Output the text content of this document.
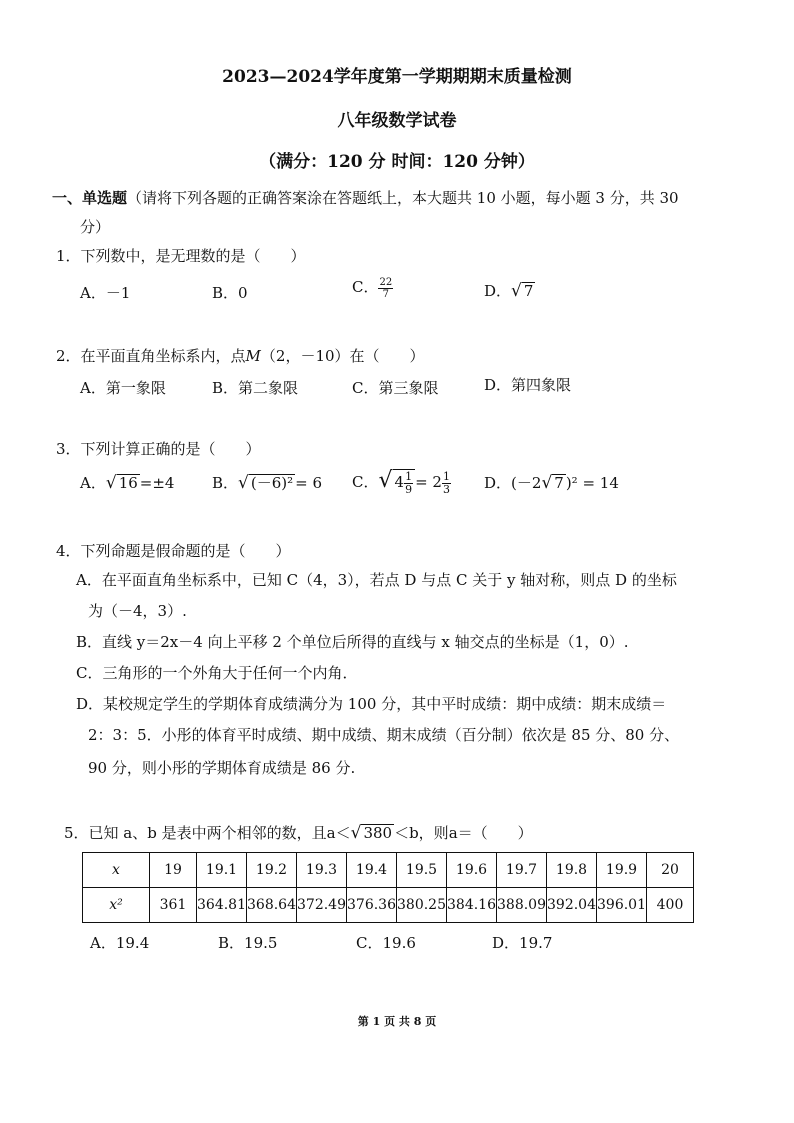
2023—2024学年度第一学期期期末质量检测
八年级数学试卷
（满分：120 分 时间：120 分钟）
一、单选题（请将下列各题的正确答案涂在答题纸上，本大题共 10 小题，每小题 3 分，共 30
分）
1．下列数中，是无理数的是（　　）
A．－1	B．0	C． $\frac{22}{7}$	D．√ 7
2．在平面直角坐标系内，点M（2，－10）在（　　）
A．第一象限	B．第二象限	C．第三象限	D．第四象限
3．下列计算正确的是（　　）
A．√ 16 =±4	B．√ (－6)² = 6 C．√ $4 \frac{1}{9} = 2 \frac{1}{3}$ D．(－2√ 7 )² = 14
4．下列命题是假命题的是（　　）
A．在平面直角坐标系中，已知 C（4，3），若点 D 与点 C 关于 y 轴对称，则点 D 的坐标
为（－4，3）.
B．直线 y＝2x－4 向上平移 2 个单位后所得的直线与 x 轴交点的坐标是（1，0）.
C．三角形的一个外角大于任何一个内角．
D．某校规定学生的学期体育成绩满分为 100 分，其中平时成绩：期中成绩：期末成绩＝
2：3：5．小彤的体育平时成绩、期中成绩、期末成绩（百分制）依次是 85 分、80 分、
90 分，则小彤的学期体育成绩是 86 分.
5．已知 a、b 是表中两个相邻的数，且a＜√ 380 ＜b，则a＝（　　）
x	19	19.1	19.2	19.3	19.4	19.5	19.6	19.7	19.8	19.9	20
x²	361	364.81	368.64	372.49	376.36	380.25	384.16	388.09	392.04	396.01	400
A．19.4	B．19.5	C．19.6	D．19.7
第 1 页 共 8 页
